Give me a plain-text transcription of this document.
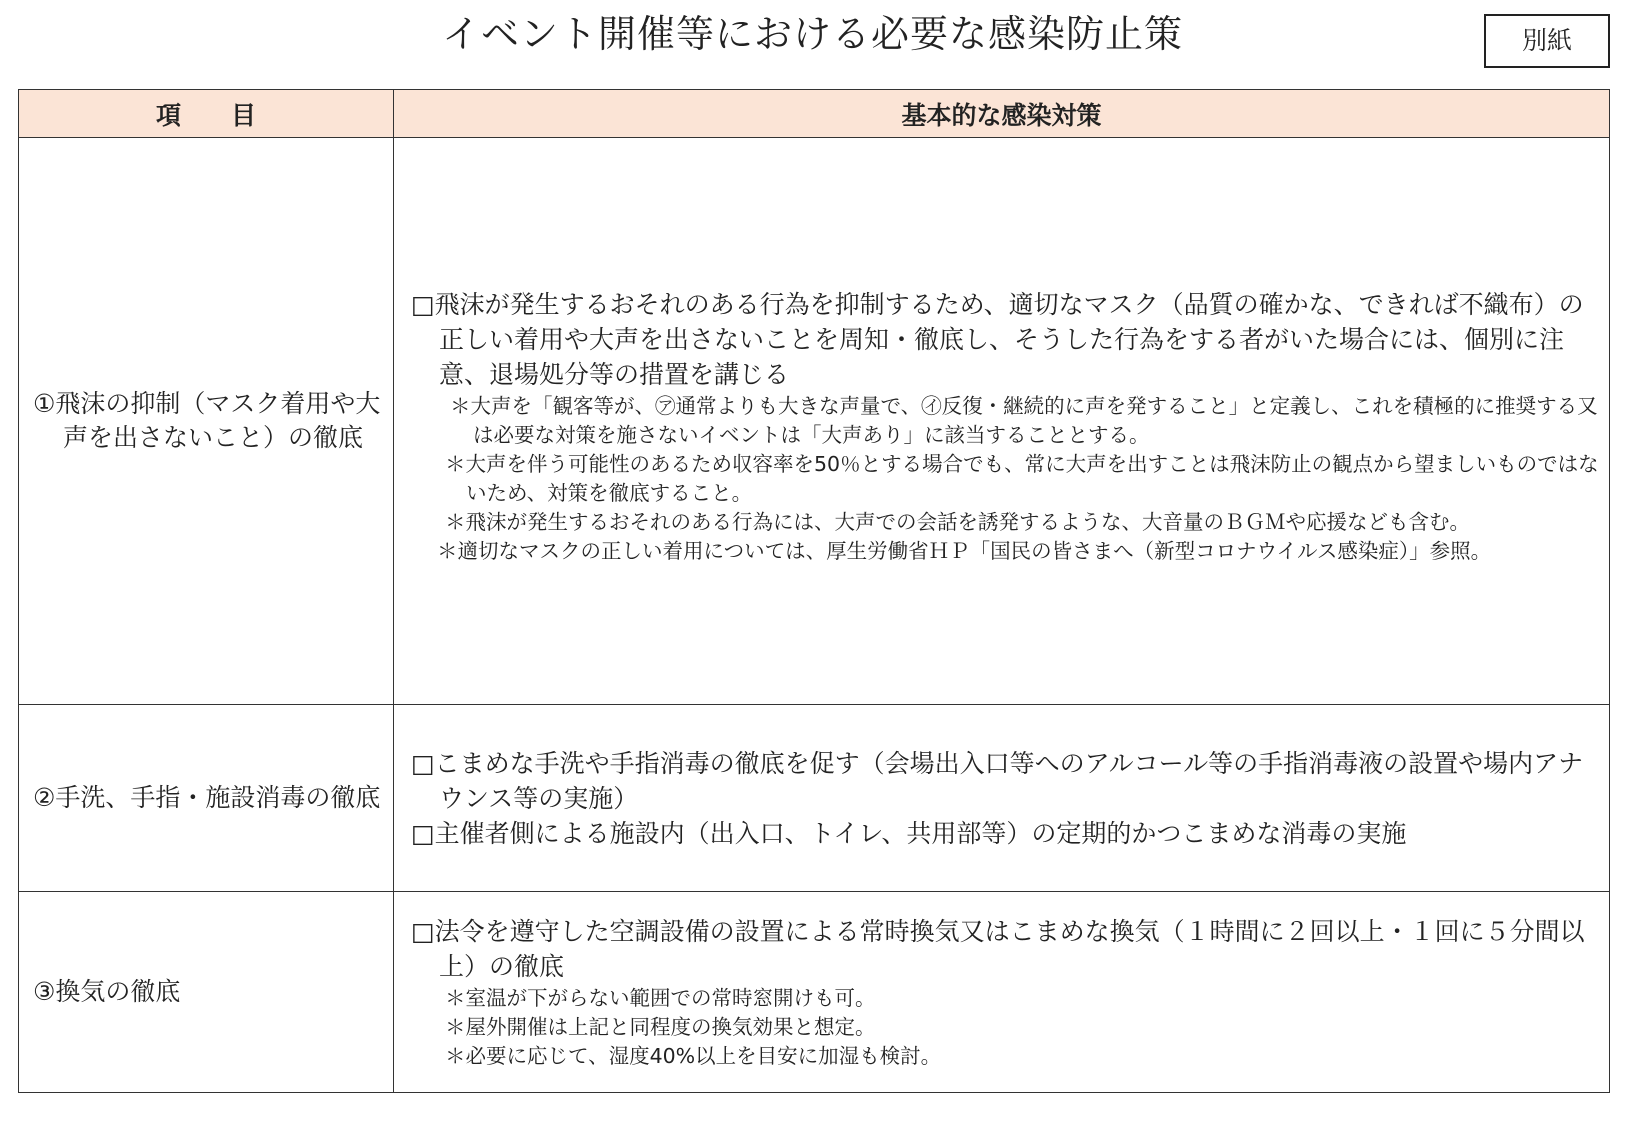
イベント開催等における必要な感染防止策	別紙
項　　目	基本的な感染対策

①飛沫の抑制（マスク着用や大声を出さないこと）の徹底	□飛沫が発生するおそれのある行為を抑制するため、適切なマスク（品質の確かな、できれば不織布）の正しい着用や大声を出さないことを周知・徹底し、そうした行為をする者がいた場合には、個別に注意、退場処分等の措置を講じる
＊大声を「観客等が、㋐通常よりも大きな声量で、㋑反復・継続的に声を発すること」と定義し、これを積極的に推奨する又は必要な対策を施さないイベントは「大声あり」に該当することとする。
＊大声を伴う可能性のあるため収容率を50％とする場合でも、常に大声を出すことは飛沫防止の観点から望ましいものではないため、対策を徹底すること。
＊飛沫が発生するおそれのある行為には、大声での会話を誘発するような、大音量のＢＧＭや応援なども含む。
＊適切なマスクの正しい着用については、厚生労働省ＨＰ「国民の皆さまへ（新型コロナウイルス感染症）」参照。

②手洗、手指・施設消毒の徹底	□こまめな手洗や手指消毒の徹底を促す（会場出入口等へのアルコール等の手指消毒液の設置や場内アナウンス等の実施）
□主催者側による施設内（出入口、トイレ、共用部等）の定期的かつこまめな消毒の実施

③換気の徹底	□法令を遵守した空調設備の設置による常時換気又はこまめな換気（１時間に２回以上・１回に５分間以上）の徹底
＊室温が下がらない範囲での常時窓開けも可。
＊屋外開催は上記と同程度の換気効果と想定。
＊必要に応じて、湿度40%以上を目安に加湿も検討。
